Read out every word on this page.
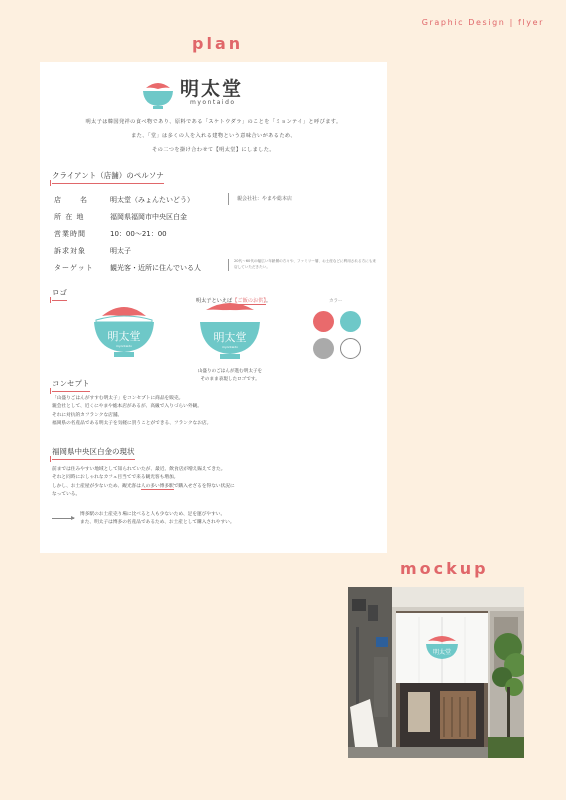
Graphic Design | flyer
plan
mockup
明太堂
myontaido
明太子は韓国発祥の食べ物であり、原料である「スケトウダラ」のことを「ミョンテイ」と呼びます。
また、「堂」は多くの人を入れる建物という意味合いがあるため、
その二つを掛け合わせて【明太堂】にしました。
クライアント（店舗）のペルソナ
店　名 明太堂（みょんたいどう）
所 在 地	福岡県福岡市中央区白金
営業時間	10：00〜21：00
訴求対象	明太子
ターゲット 観光客・近所に住んでいる人
親会社社：やまや総本店
20代〜60代の幅広い年齢層の方々や、ファミリー層、お土産などに利用される方にも来店していただきたい。
ロゴ
明太子といえば【ご飯のお供】。
明太堂
myontaido
明太堂
myontaido
山盛りのごはんが進む明太子を
そのまま表現したロゴです。
カラー
コンセプト
「山盛りごはんがすすむ明太子」をコンセプトに商品を販売。
親会社として、近くにやまや総本店があるが、高級で入りづらい外観。
それに対抗的カフランクな店舗。
福岡県の名産品である明太子を気軽に買うことができる、フランクなお店。
福岡県中央区白金の現状
前までは住みやすい地域として知られていたが、最近、飲食店が増え賑えてきた。
それと同時におしゃれなカフェ目当てで来る観光客も増加。
しかし、お土産屋が少ないため、観光客は人の多い博多駅で購入せざるを得ない状況に
なっている。
博多駅のお土産売り場に比べると人も少ないため、足を運びやすい。
また、明太子は博多の名産品であるため、お土産として購入されやすい。
明太堂
